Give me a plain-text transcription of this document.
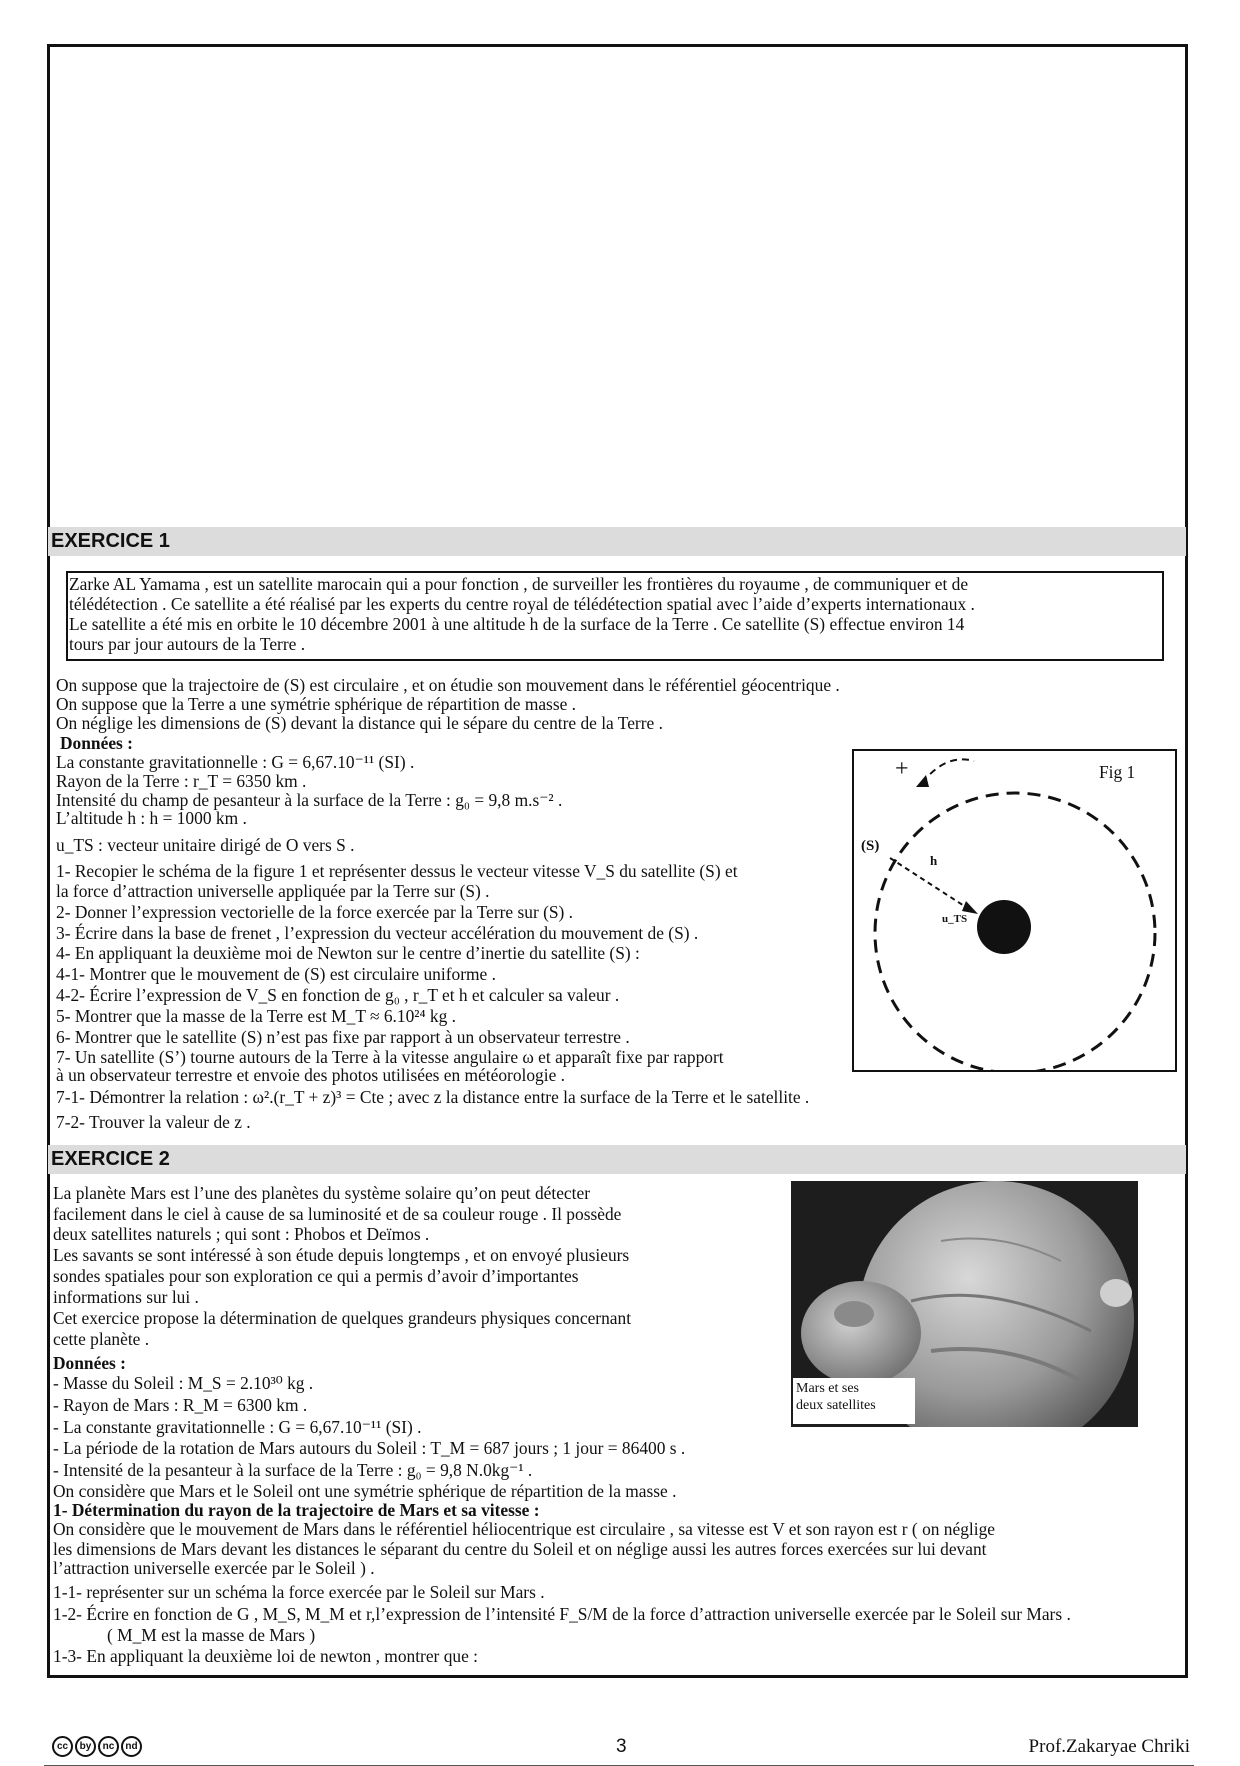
EXERCICE 1
Zarke AL Yamama , est un satellite marocain qui a pour fonction , de surveiller les frontières du royaume , de communiquer et de
télédétection . Ce satellite a été réalisé par les experts du centre royal de télédétection spatial avec l’aide d’experts internationaux .
Le satellite a été mis en orbite le 10 décembre 2001 à une altitude h de la surface de la Terre . Ce satellite (S) effectue environ 14
tours par jour autours de la Terre .
On suppose que la trajectoire de (S) est circulaire , et on étudie son mouvement dans le référentiel géocentrique .
On suppose que la Terre a une symétrie sphérique de répartition de masse .
On néglige les dimensions de (S) devant la distance qui le sépare du centre de la Terre .
Données :
La constante gravitationnelle : G = 6,67.10⁻¹¹ (SI) .
Rayon de la Terre : r_T = 6350 km .
Intensité du champ de pesanteur à la surface de la Terre : g₀ = 9,8 m.s⁻² .
L’altitude h : h = 1000 km .
u_TS : vecteur unitaire dirigé de O vers S .
1- Recopier le schéma de la figure 1 et représenter dessus le vecteur vitesse V_S du satellite (S) et
la force d’attraction universelle appliquée par la Terre sur (S) .
2- Donner l’expression vectorielle de la force exercée par la Terre sur (S) .
3- Écrire dans la base de frenet , l’expression du vecteur accélération du mouvement de (S) .
4- En appliquant la deuxième moi de Newton sur le centre d’inertie du satellite (S) :
4-1- Montrer que le mouvement de (S) est circulaire uniforme .
4-2- Écrire l’expression de V_S en fonction de g₀ , r_T et h et calculer sa valeur .
5- Montrer que la masse de la Terre est M_T ≈ 6.10²⁴ kg .
6- Montrer que le satellite (S) n’est pas fixe par rapport à un observateur terrestre .
7- Un satellite (S’) tourne autours de la Terre à la vitesse angulaire ω et apparaît fixe par rapport
à un observateur terrestre et envoie des photos utilisées en météorologie .
7-1- Démontrer la relation : ω².(r_T + z)³ = Cte ; avec z la distance entre la surface de la Terre et le satellite .
7-2- Trouver la valeur de z .
+	Fig 1
(S)
h
u_TS
EXERCICE 2
La planète Mars est l’une des planètes du système solaire qu’on peut détecter
facilement dans le ciel à cause de sa luminosité et de sa couleur rouge . Il possède
deux satellites naturels ; qui sont : Phobos et Deïmos .
Les savants se sont intéressé à son étude depuis longtemps , et on envoyé plusieurs
sondes spatiales pour son exploration ce qui a permis d’avoir d’importantes
informations sur lui .
Cet exercice propose la détermination de quelques grandeurs physiques concernant
cette planète .
Données :
- Masse du Soleil : M_S = 2.10³⁰ kg .
- Rayon de Mars : R_M = 6300 km .
- La constante gravitationnelle : G = 6,67.10⁻¹¹ (SI) .
- La période de la rotation de Mars autours du Soleil : T_M = 687 jours ; 1 jour = 86400 s .
- Intensité de la pesanteur à la surface de la Terre : g₀ = 9,8 N.0kg⁻¹ .
On considère que Mars et le Soleil ont une symétrie sphérique de répartition de la masse .
1- Détermination du rayon de la trajectoire de Mars et sa vitesse :
On considère que le mouvement de Mars dans le référentiel héliocentrique est circulaire , sa vitesse est V et son rayon est r ( on néglige
les dimensions de Mars devant les distances le séparant du centre du Soleil et on néglige aussi les autres forces exercées sur lui devant
l’attraction universelle exercée par le Soleil ) .
1-1- représenter sur un schéma la force exercée par le Soleil sur Mars .
1-2- Écrire en fonction de G , M_S, M_M et r,l’expression de l’intensité F_S/M de la force d’attraction universelle exercée par le Soleil sur Mars .
( M_M est la masse de Mars )
1-3- En appliquant la deuxième loi de newton , montrer que :
Mars et ses
deux satellites
cc	by	nc	nd	3	Prof.Zakaryae Chriki
